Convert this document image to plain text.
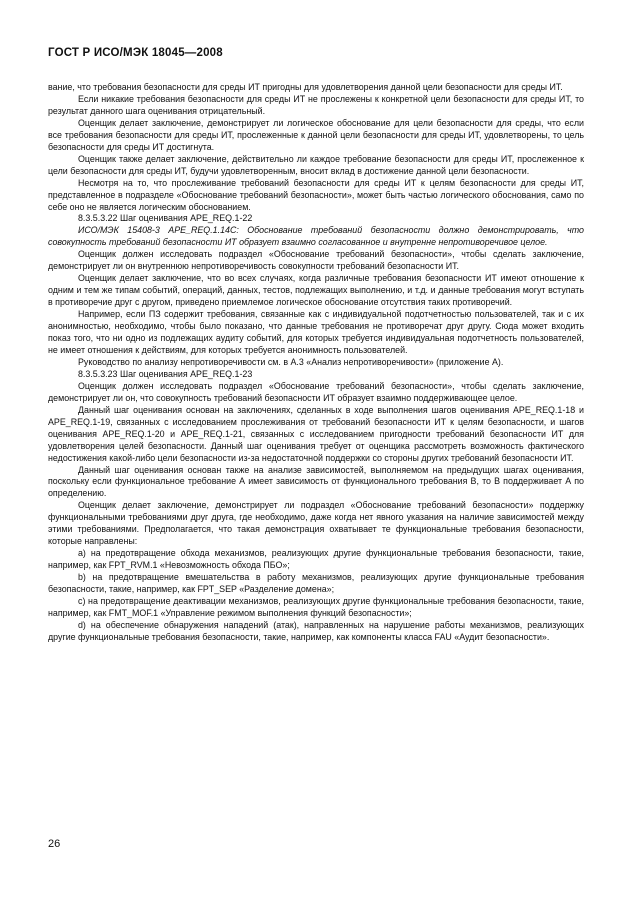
ГОСТ Р ИСО/МЭК 18045—2008

вание, что требования безопасности для среды ИТ пригодны для удовлетворения данной цели безопасности для среды ИТ.

Если никакие требования безопасности для среды ИТ не прослежены к конкретной цели безопасности для среды ИТ, то результат данного шага оценивания отрицательный.

Оценщик делает заключение, демонстрирует ли логическое обоснование для цели безопасности для среды, что если все требования безопасности для среды ИТ, прослеженные к данной цели безопасности для среды ИТ, удовлетворены, то цель безопасности для среды ИТ достигнута.

Оценщик также делает заключение, действительно ли каждое требование безопасности для среды ИТ, прослеженное к цели безопасности для среды ИТ, будучи удовлетворенным, вносит вклад в достижение данной цели безопасности.

Несмотря на то, что прослеживание требований безопасности для среды ИТ к целям безопасности для среды ИТ, представленное в подразделе «Обоснование требований безопасности», может быть частью логического обоснования, само по себе оно не является логическим обоснованием.

8.3.5.3.22 Шаг оценивания APE_REQ.1-22

ИСО/МЭК 15408-3 APE_REQ.1.14C: Обоснование требований безопасности должно демонстрировать, что совокупность требований безопасности ИТ образует взаимно согласованное и внутренне непротиворечивое целое.

Оценщик должен исследовать подраздел «Обоснование требований безопасности», чтобы сделать заключение, демонстрирует ли он внутреннюю непротиворечивость совокупности требований безопасности ИТ.

Оценщик делает заключение, что во всех случаях, когда различные требования безопасности ИТ имеют отношение к одним и тем же типам событий, операций, данных, тестов, подлежащих выполнению, и т.д. и данные требования могут вступать в противоречие друг с другом, приведено приемлемое логическое обоснование отсутствия таких противоречий.

Например, если ПЗ содержит требования, связанные как с индивидуальной подотчетностью пользователей, так и с их анонимностью, необходимо, чтобы было показано, что данные требования не противоречат друг другу. Сюда может входить показ того, что ни одно из подлежащих аудиту событий, для которых требуется индивидуальная подотчетность пользователей, не имеет отношения к действиям, для которых требуется анонимность пользователей.

Руководство по анализу непротиворечивости см. в А.3 «Анализ непротиворечивости» (приложение А).

8.3.5.3.23 Шаг оценивания APE_REQ.1-23

Оценщик должен исследовать подраздел «Обоснование требований безопасности», чтобы сделать заключение, демонстрирует ли он, что совокупность требований безопасности ИТ образует взаимно поддерживающее целое.

Данный шаг оценивания основан на заключениях, сделанных в ходе выполнения шагов оценивания APE_REQ.1-18 и APE_REQ.1-19, связанных с исследованием прослеживания от требований безопасности ИТ к целям безопасности, и шагов оценивания APE_REQ.1-20 и APE_REQ.1-21, связанных с исследованием пригодности требований безопасности ИТ для удовлетворения целей безопасности. Данный шаг оценивания требует от оценщика рассмотреть возможность фактического недостижения какой-либо цели безопасности из-за недостаточной поддержки со стороны других требований безопасности ИТ.

Данный шаг оценивания основан также на анализе зависимостей, выполняемом на предыдущих шагах оценивания, поскольку если функциональное требование А имеет зависимость от функционального требования В, то В поддерживает А по определению.

Оценщик делает заключение, демонстрирует ли подраздел «Обоснование требований безопасности» поддержку функциональными требованиями друг друга, где необходимо, даже когда нет явного указания на наличие зависимостей между этими требованиями. Предполагается, что такая демонстрация охватывает те функциональные требования безопасности, которые направлены:

а) на предотвращение обхода механизмов, реализующих другие функциональные требования безопасности, такие, например, как FPT_RVM.1 «Невозможность обхода ПБО»;

b) на предотвращение вмешательства в работу механизмов, реализующих другие функциональные требования безопасности, такие, например, как FPT_SEP «Разделение домена»;

c) на предотвращение деактивации механизмов, реализующих другие функциональные требования безопасности, такие, например, как FMT_MOF.1 «Управление режимом выполнения функций безопасности»;

d) на обеспечение обнаружения нападений (атак), направленных на нарушение работы механизмов, реализующих другие функциональные требования безопасности, такие, например, как компоненты класса FAU «Аудит безопасности».

26
